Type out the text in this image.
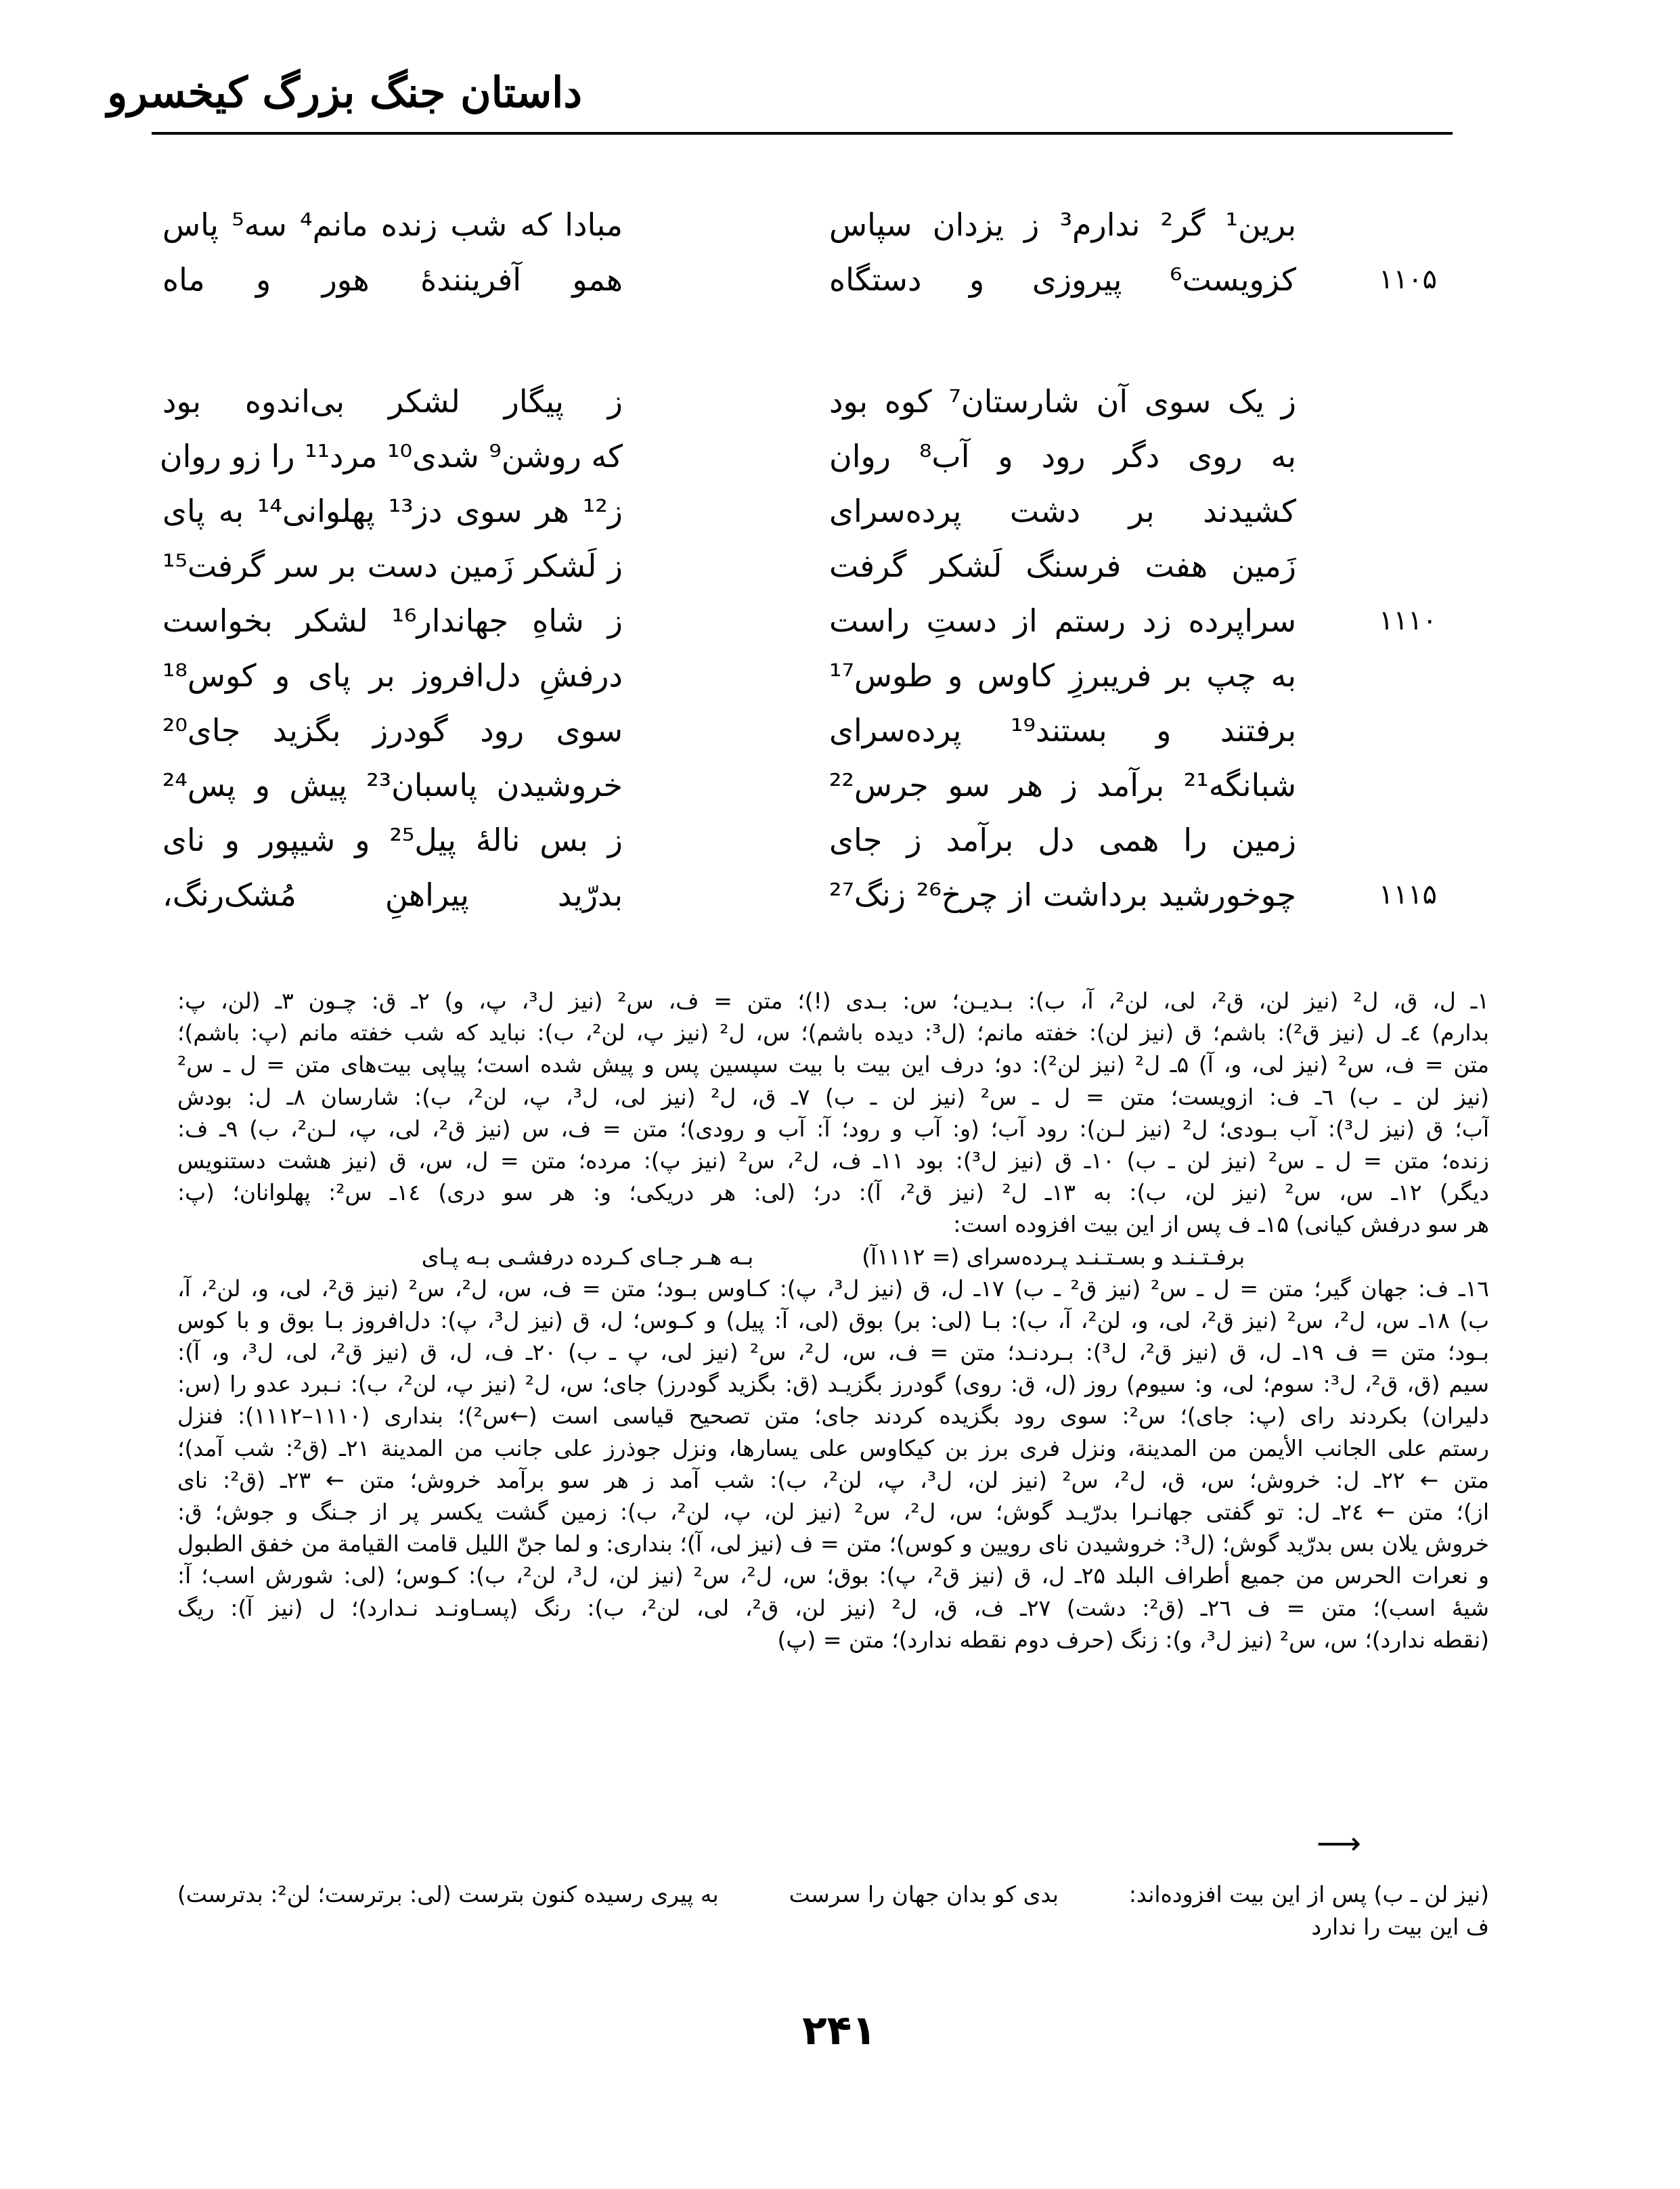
داستان جنگ بزرگ کیخسرو
برین¹ گر² ندارم³ ز یزدان سپاس
مبادا که شب زنده مانم⁴ سه⁵ پاس
۱۱۰۵
کزویست⁶ پیروزی و دستگاه
همو آفرینندهٔ هور و ماه
ز یک سوی آن شارستان⁷ کوه بود
ز پیگار لشکر بی‌اندوه بود
به روی دگر رود و آب⁸ روان
که روشن⁹ شدی¹⁰ مرد¹¹ را زو روان
کشیدند بر دشت پرده‌سرای
ز¹² هر سوی دز¹³ پهلوانی¹⁴ به پای
زَمین هفت فرسنگ لَشکر گرفت
ز لَشکر زَمین دست بر سر گرفت¹⁵
۱۱۱۰
سراپرده زد رستم از دستِ راست
ز شاهِ جهاندار¹⁶ لشکر بخواست
به چپ بر فریبرزِ کاوس و طوس¹⁷
درفشِ دل‌افروز بر پای و کوس¹⁸
برفتند و بستند¹⁹ پرده‌سرای
سوی رود گودرز بگزید جای²⁰
شبانگه²¹ برآمد ز هر سو جرس²²
خروشیدن پاسبان²³ پیش و پس²⁴
زمین را همی دل برآمد ز جای
ز بس نالهٔ پیل²⁵ و شیپور و نای
۱۱۱۵
چوخورشید برداشت از چرخ²⁶ زنگ²⁷
بدرّید پیراهنِ مُشک‌رنگ،
۱ـ ل، ق، ل² (نیز لن، ق²، لی، لن²، آ، ب): بـدیـن؛ س: بـدی (!)؛ متن = ف، س² (نیز ل³، پ، و) ۲ـ ق: چـون ۳ـ (لن، پ:
بدارم) ٤ـ ل (نیز ق²): باشم؛ ق (نیز لن): خفته مانم؛ (ل³: دیده باشم)؛ س، ل² (نیز پ، لن²، ب): نباید که شب خفته مانم (پ: باشم)؛
متن = ف، س² (نیز لی، و، آ) ۵ـ ل² (نیز لن²): دو؛ درف این بیت با بیت سپسین پس و پیش شده است؛ پیاپی بیت‌های متن = ل ـ س²
(نیز لن ـ ب) ٦ـ ف: ازویست؛ متن = ل ـ س² (نیز لن ـ ب) ۷ـ ق، ل² (نیز لی، ل³، پ، لن²، ب): شارسان ۸ـ ل: بودش
آب؛ ق (نیز ل³): آب بـودی؛ ل² (نیز لـن): رود آب؛ (و: آب و رود؛ آ: آب و رودی)؛ متن = ف، س (نیز ق²، لی، پ، لـن²، ب) ۹ـ ف:
زنده؛ متن = ل ـ س² (نیز لن ـ ب) ۱۰ـ ق (نیز ل³): بود ۱۱ـ ف، ل²، س² (نیز پ): مرده؛ متن = ل، س، ق (نیز هشت دستنویس
دیگر) ۱۲ـ س، س² (نیز لن، ب): به ۱۳ـ ل² (نیز ق²، آ): در؛ (لی: هر دریکی؛ و: هر سو دری) ۱٤ـ س²: پهلوانان؛ (پ:
هر سو درفش کیانی) ۱۵ـ ف پس از این بیت افزوده است:
برفـتـنـد و بسـتـنـد پـرده‌سرای (= ۱۱۱۲آ)
بـه هـر جـای کـرده درفشـی بـه پـای
۱٦ـ ف: جهان گیر؛ متن = ل ـ س² (نیز ق² ـ ب) ۱۷ـ ل، ق (نیز ل³، پ): کـاوس بـود؛ متن = ف، س، ل²، س² (نیز ق²، لی، و، لن²، آ،
ب) ۱۸ـ س، ل²، س² (نیز ق²، لی، و، لن²، آ، ب): بـا (لی: بر) بوق (لی، آ: پیل) و کـوس؛ ل، ق (نیز ل³، پ): دل‌افروز بـا بوق و با کوس
بـود؛ متن = ف ۱۹ـ ل، ق (نیز ق²، ل³): بـردنـد؛ متن = ف، س، ل²، س² (نیز لی، پ ـ ب) ۲۰ـ ف، ل، ق (نیز ق²، لی، ل³، و، آ):
سیم (ق، ق²، ل³: سوم؛ لی، و: سیوم) روز (ل، ق: روی) گودرز بگزیـد (ق: بگزید گودرز) جای؛ س، ل² (نیز پ، لن²، ب): نـبرد عدو را (س:
دلیران) بکردند رای (پ: جای)؛ س²: سوی رود بگزیده کردند جای؛ متن تصحیح قیاسی است (←س²)؛ بنداری (۱۱۱۰–۱۱۱۲): فنزل
رستم علی الجانب الأیمن من المدینة، ونزل فری برز بن کیکاوس علی یسارها، ونزل جوذرز علی جانب من المدینة ۲۱ـ (ق²: شب آمد)؛
متن ← ۲۲ـ ل: خروش؛ س، ق، ل²، س² (نیز لن، ل³، پ، لن²، ب): شب آمد ز هر سو برآمد خروش؛ متن ← ۲۳ـ (ق²: نای
از)؛ متن ← ۲٤ـ ل: تو گفتی جهانـرا بدرّیـد گوش؛ س، ل²، س² (نیز لن، پ، لن²، ب): زمین گشت یکسر پر از جـنگ و جوش؛ ق:
خروش یلان بس بدرّید گوش؛ (ل³: خروشیدن نای رویین و کوس)؛ متن = ف (نیز لی، آ)؛ بنداری: و لما جنّ اللیل قامت القیامة من خفق الطبول
و نعرات الحرس من جمیع أطراف البلد ۲۵ـ ل، ق (نیز ق²، پ): بوق؛ س، ل²، س² (نیز لن، ل³، لن²، ب): کـوس؛ (لی: شورش اسب؛ آ:
شیهٔ اسب)؛ متن = ف ۲٦ـ (ق²: دشت) ۲۷ـ ف، ق، ل² (نیز لن، ق²، لی، لن²، ب): رنگ (پسـاونـد نـدارد)؛ ل (نیز آ): ریگ
(نقطه ندارد)؛ س، س² (نیز ل³، و): زنگ (حرف دوم نقطه ندارد)؛ متن = (پ)
⟶
(نیز لن ـ ب) پس از این بیت افزوده‌اند:
بدی کو بدان جهان را سرست
به پیری رسیده کنون بترست (لی: برترست؛ لن²: بدترست)
ف این بیت را ندارد
۲۴۱
